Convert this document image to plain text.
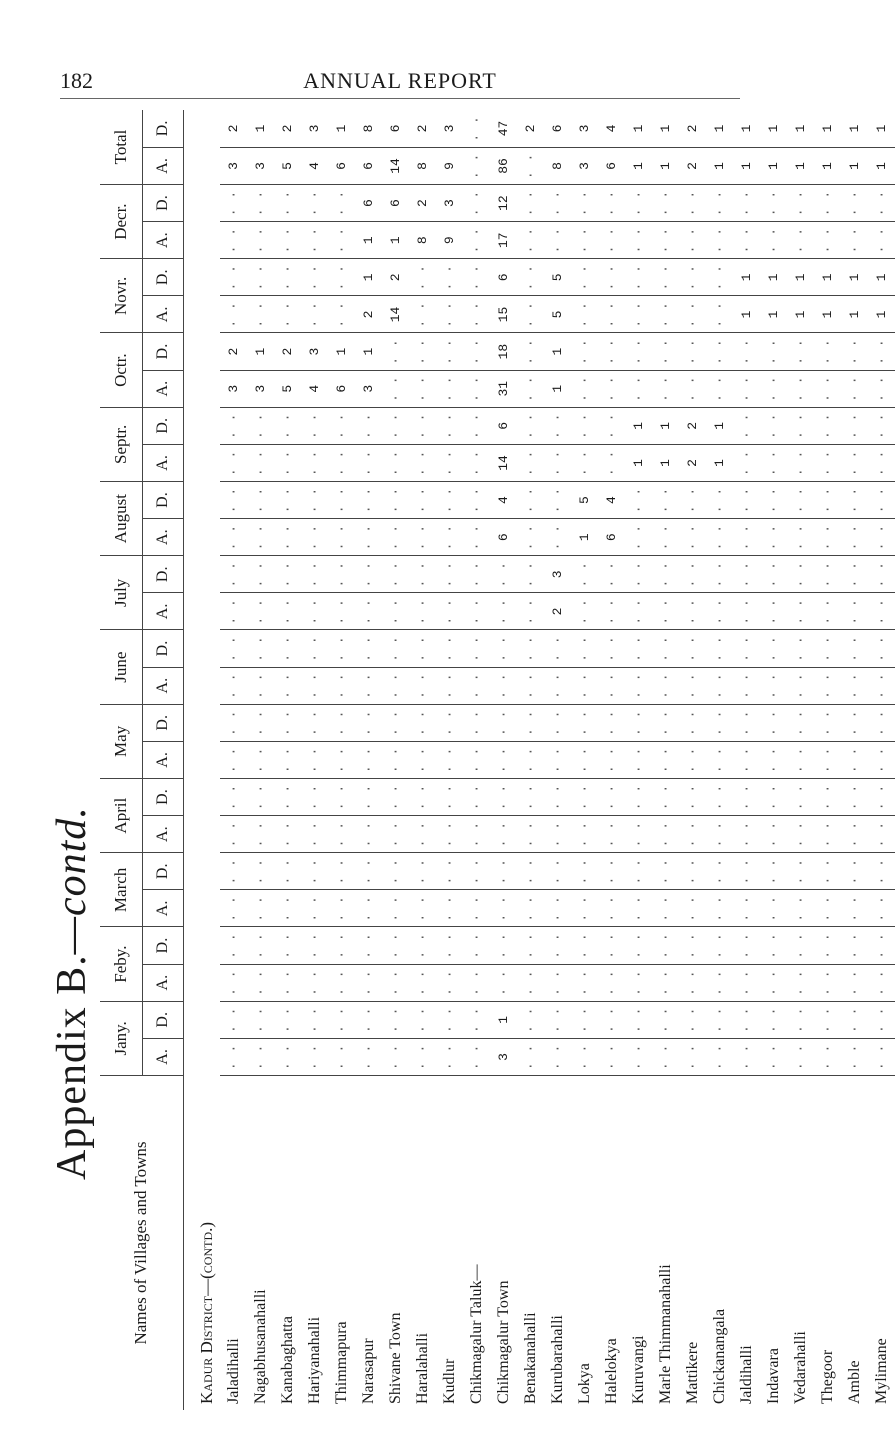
182	ANNUAL REPORT
Appendix B.—contd.
Names of Villages and Towns	Jany.		Feby.		March		April		May		June		July		August		Septr.		Octr.		Novr.		Decr.		Total	
	A.	D.	A.	D.	A.	D.	A.	D.	A.	D.	A.	D.	A.	D.	A.	D.	A.	D.	A.	D.	A.	D.	A.	D.	A.	D.
Kadur District—(contd.)																										
Jaladihalli	· ·	· ·	· ·	· ·	· ·	· ·	· ·	· ·	· ·	· ·	· ·	· ·	· ·	· ·	· ·	· ·	· ·	· ·	3	2	· ·	· ·	· ·	· ·	3	2
Nagabhusanahalli	· ·	· ·	· ·	· ·	· ·	· ·	· ·	· ·	· ·	· ·	· ·	· ·	· ·	· ·	· ·	· ·	· ·	· ·	3	1	· ·	· ·	· ·	· ·	3	1
Kanabaghatta	· ·	· ·	· ·	· ·	· ·	· ·	· ·	· ·	· ·	· ·	· ·	· ·	· ·	· ·	· ·	· ·	· ·	· ·	5	2	· ·	· ·	· ·	· ·	5	2
Hariyanahalli	· ·	· ·	· ·	· ·	· ·	· ·	· ·	· ·	· ·	· ·	· ·	· ·	· ·	· ·	· ·	· ·	· ·	· ·	4	3	· ·	· ·	· ·	· ·	4	3
Thimmapura	· ·	· ·	· ·	· ·	· ·	· ·	· ·	· ·	· ·	· ·	· ·	· ·	· ·	· ·	· ·	· ·	· ·	· ·	6	1	· ·	· ·	· ·	· ·	6	1
Narasapur	· ·	· ·	· ·	· ·	· ·	· ·	· ·	· ·	· ·	· ·	· ·	· ·	· ·	· ·	· ·	· ·	· ·	· ·	3	1	2	1	1	6	6	8
Shivane Town	· ·	· ·	· ·	· ·	· ·	· ·	· ·	· ·	· ·	· ·	· ·	· ·	· ·	· ·	· ·	· ·	· ·	· ·	· ·	· ·	14	2	1	6	14	6
Haralahalli	· ·	· ·	· ·	· ·	· ·	· ·	· ·	· ·	· ·	· ·	· ·	· ·	· ·	· ·	· ·	· ·	· ·	· ·	· ·	· ·	· ·	· ·	8	2	8	2
Kudlur	· ·	· ·	· ·	· ·	· ·	· ·	· ·	· ·	· ·	· ·	· ·	· ·	· ·	· ·	· ·	· ·	· ·	· ·	· ·	· ·	· ·	· ·	9	3	9	3
Chikmagalur Taluk—	· ·	· ·	· ·	· ·	· ·	· ·	· ·	· ·	· ·	· ·	· ·	· ·	· ·	· ·	· ·	· ·	· ·	· ·	· ·	· ·	· ·	· ·	· ·	· ·	· ·	· ·
Chikmagalur Town	3	1	· ·	· ·	· ·	· ·	· ·	· ·	· ·	· ·	· ·	· ·	· ·	· ·	6	4	14	6	31	18	15	6	17	12	86	47
Benakanahalli	· ·	· ·	· ·	· ·	· ·	· ·	· ·	· ·	· ·	· ·	· ·	· ·	· ·	· ·	· ·	· ·	· ·	· ·	· ·	· ·	· ·	· ·	· ·	· ·	· ·	2
Kurubarahalli	· ·	· ·	· ·	· ·	· ·	· ·	· ·	· ·	· ·	· ·	· ·	· ·	2	3	· ·	· ·	· ·	· ·	1	1	5	5	· ·	· ·	8	6
Lokya	· ·	· ·	· ·	· ·	· ·	· ·	· ·	· ·	· ·	· ·	· ·	· ·	· ·	· ·	1	5	· ·	· ·	· ·	· ·	· ·	· ·	· ·	· ·	3	3
Halelokya	· ·	· ·	· ·	· ·	· ·	· ·	· ·	· ·	· ·	· ·	· ·	· ·	· ·	· ·	6	4	· ·	· ·	· ·	· ·	· ·	· ·	· ·	· ·	6	4
Kuruvangi	· ·	· ·	· ·	· ·	· ·	· ·	· ·	· ·	· ·	· ·	· ·	· ·	· ·	· ·	· ·	· ·	1	1	· ·	· ·	· ·	· ·	· ·	· ·	1	1
Marle Thimmanahalli	· ·	· ·	· ·	· ·	· ·	· ·	· ·	· ·	· ·	· ·	· ·	· ·	· ·	· ·	· ·	· ·	1	1	· ·	· ·	· ·	· ·	· ·	· ·	1	1
Mattikere	· ·	· ·	· ·	· ·	· ·	· ·	· ·	· ·	· ·	· ·	· ·	· ·	· ·	· ·	· ·	· ·	2	2	· ·	· ·	· ·	· ·	· ·	· ·	2	2
Chickanangala	· ·	· ·	· ·	· ·	· ·	· ·	· ·	· ·	· ·	· ·	· ·	· ·	· ·	· ·	· ·	· ·	1	1	· ·	· ·	· ·	· ·	· ·	· ·	1	1
Jaldihalli	· ·	· ·	· ·	· ·	· ·	· ·	· ·	· ·	· ·	· ·	· ·	· ·	· ·	· ·	· ·	· ·	· ·	· ·	· ·	· ·	1	1	· ·	· ·	1	1
Indavara	· ·	· ·	· ·	· ·	· ·	· ·	· ·	· ·	· ·	· ·	· ·	· ·	· ·	· ·	· ·	· ·	· ·	· ·	· ·	· ·	1	1	· ·	· ·	1	1
Vedarahalli	· ·	· ·	· ·	· ·	· ·	· ·	· ·	· ·	· ·	· ·	· ·	· ·	· ·	· ·	· ·	· ·	· ·	· ·	· ·	· ·	1	1	· ·	· ·	1	1
Thegoor	· ·	· ·	· ·	· ·	· ·	· ·	· ·	· ·	· ·	· ·	· ·	· ·	· ·	· ·	· ·	· ·	· ·	· ·	· ·	· ·	1	1	· ·	· ·	1	1
Amble	· ·	· ·	· ·	· ·	· ·	· ·	· ·	· ·	· ·	· ·	· ·	· ·	· ·	· ·	· ·	· ·	· ·	· ·	· ·	· ·	1	1	· ·	· ·	1	1
Mylimane	· ·	· ·	· ·	· ·	· ·	· ·	· ·	· ·	· ·	· ·	· ·	· ·	· ·	· ·	· ·	· ·	· ·	· ·	· ·	· ·	1	1	· ·	· ·	1	1
